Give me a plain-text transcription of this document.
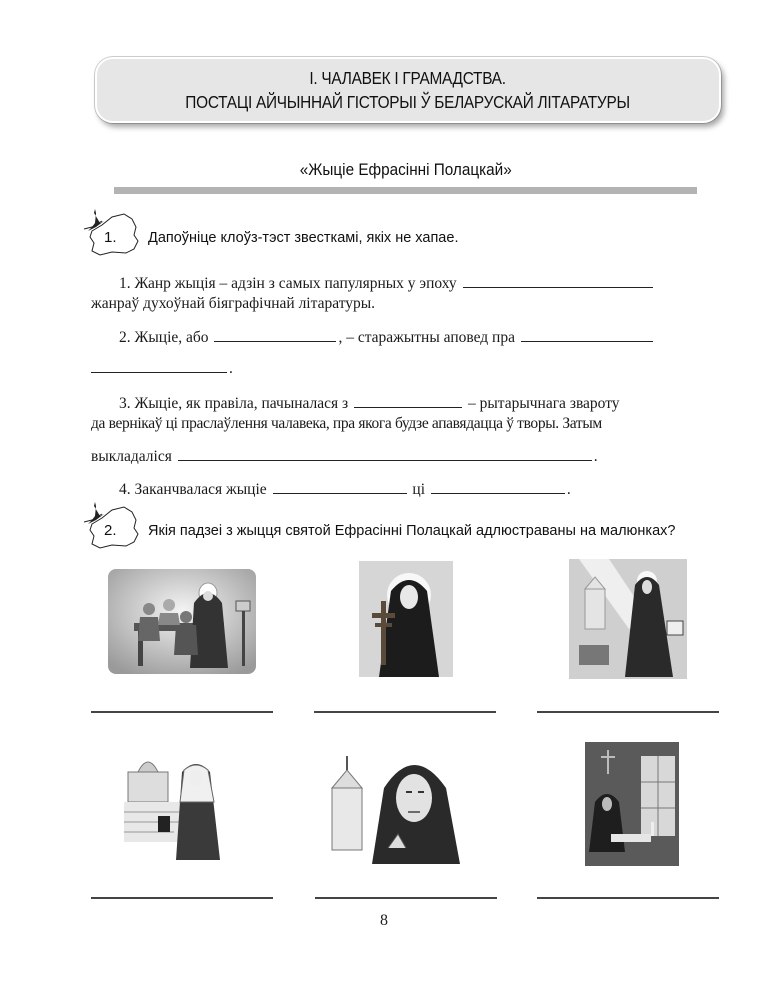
І. ЧАЛАВЕК І ГРАМАДСТВА.
ПОСТАЦІ АЙЧЫННАЙ ГІСТОРЫІ Ў БЕЛАРУСКАЙ ЛІТАРАТУРЫ
«Жыціе Ефрасінні Полацкай»
1. Дапоўніце клоўз-тэст звесткамі, якіх не хапае.
1. Жанр жыція – адзін з самых папулярных у эпоху
жанраў духоўнай біяграфічнай літаратуры.
2. Жыціе, або	, – старажытны аповед пра
.
3. Жыціе, як правіла, пачыналася з	– рытарычнага звароту
да вернікаў ці праслаўлення чалавека, пра якога будзе апавядацца ў творы. Затым
выкладаліся	.
4. Заканчвалася жыціе	ці	.
2. Якія падзеі з жыцця святой Ефрасінні Полацкай адлюстраваны на малюнках?
8
